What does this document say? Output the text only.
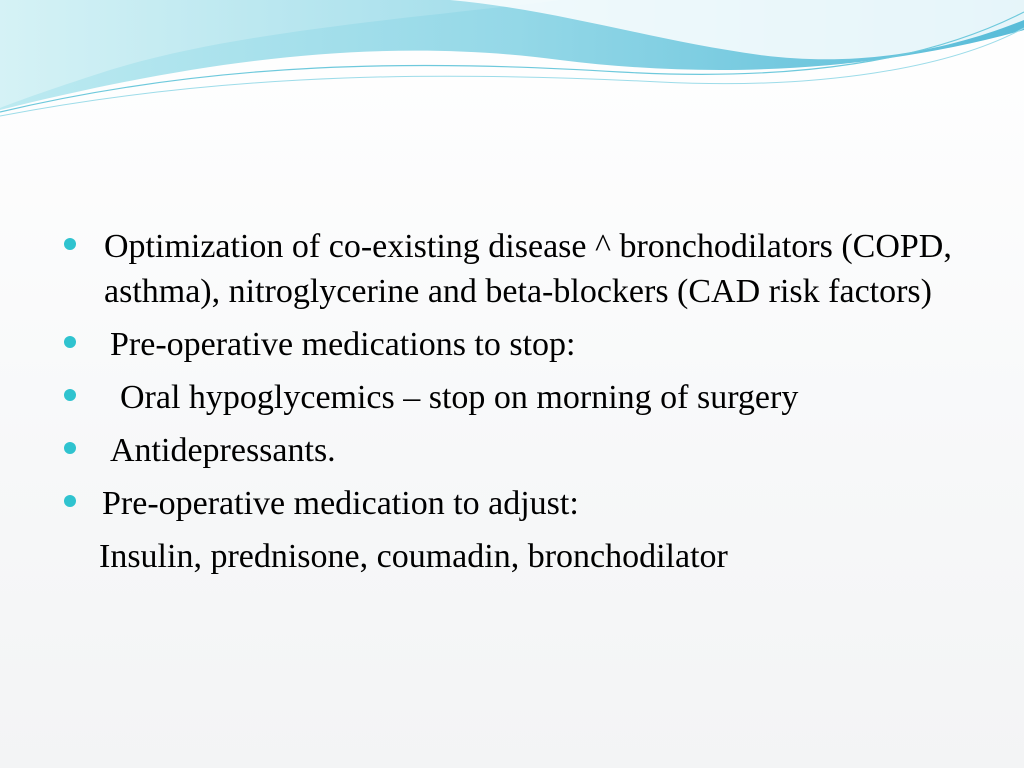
Optimization of co-existing disease ^ bronchodilators (COPD, asthma), nitroglycerine and beta-blockers (CAD risk factors)
Pre-operative medications to stop:
Oral hypoglycemics – stop on morning of surgery
Antidepressants.
Pre-operative medication to adjust:

Insulin, prednisone, coumadin, bronchodilator
